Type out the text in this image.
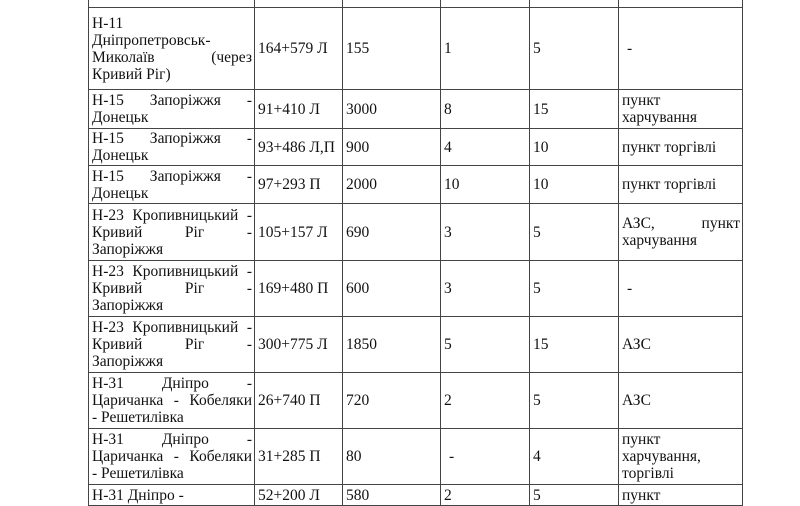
Н-11
Дніпропетровськ-
Миколаїв (через
Кривий Ріг)	164+579 Л	155	1	5	-

Н-15 Запоріжжя -
Донецьк	91+410 Л	3000	8	15	пункт
харчування

Н-15 Запоріжжя -
Донецьк	93+486 Л,П	900	4	10	пункт торгівлі

Н-15 Запоріжжя -
Донецьк	97+293 П	2000	10	10	пункт торгівлі

Н-23 Кропивницький -
Кривий Ріг -
Запоріжжя	105+157 Л	690	3	5	АЗС, пункт
харчування

Н-23 Кропивницький -
Кривий Ріг -
Запоріжжя	169+480 П	600	3	5	-

Н-23 Кропивницький -
Кривий Ріг -
Запоріжжя	300+775 Л	1850	5	15	АЗС

Н-31 Дніпро -
Царичанка - Кобеляки
- Решетилівка	26+740 П	720	2	5	АЗС

Н-31 Дніпро -
Царичанка - Кобеляки
- Решетилівка	31+285 П	80	-	4	пункт
харчування,
торгівлі

Н-31 Дніпро -	52+200 Л	580	2	5	пункт
